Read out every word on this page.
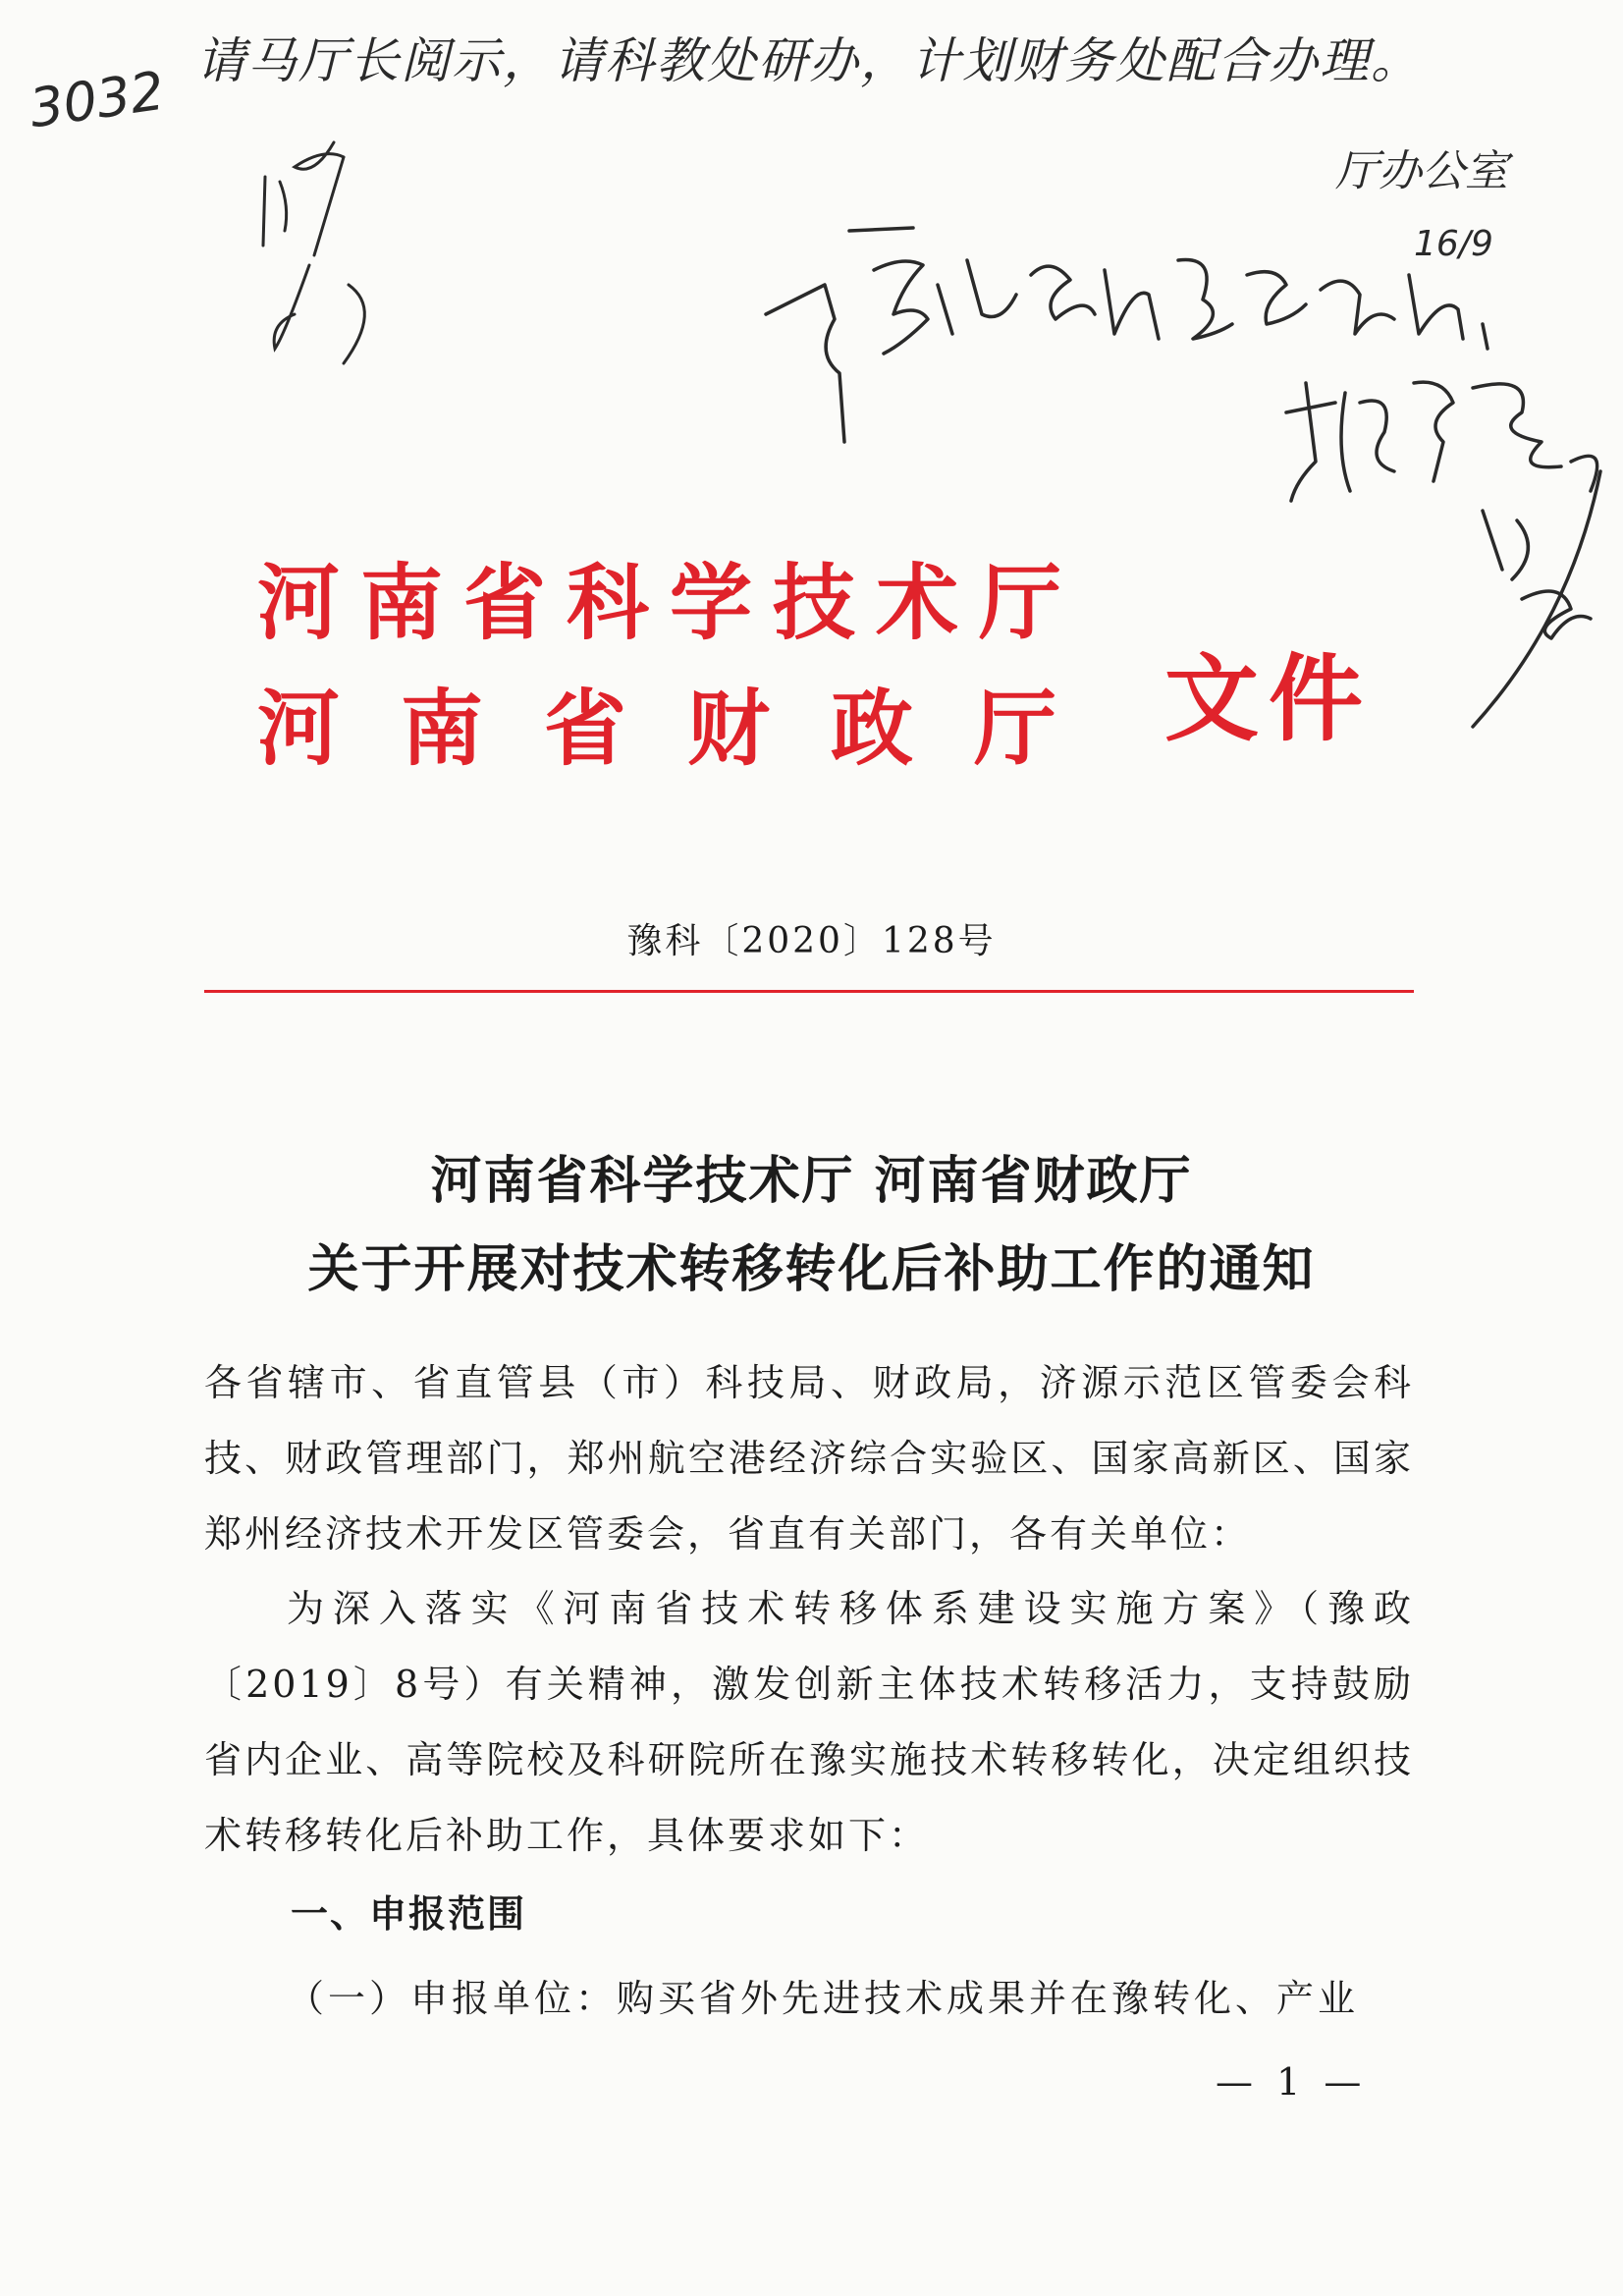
3032 请马厅长阅示，请科教处研办，计划财务处配合办理。
厅办公室
16/9
河南省科学技术厅
河南省财政厅 文件
豫科〔2020〕128号
河南省科学技术厅 河南省财政厅
关于开展对技术转移转化后补助工作的通知
各省辖市、省直管县（市）科技局、财政局，济源示范区管委会科技、财政管理部门，郑州航空港经济综合实验区、国家高新区、国家郑州经济技术开发区管委会，省直有关部门，各有关单位：
为深入落实《河南省技术转移体系建设实施方案》（豫政〔2019〕8号）有关精神，激发创新主体技术转移活力，支持鼓励省内企业、高等院校及科研院所在豫实施技术转移转化，决定组织技术转移转化后补助工作，具体要求如下：
一、申报范围
（一）申报单位：购买省外先进技术成果并在豫转化、产业
— 1 —
